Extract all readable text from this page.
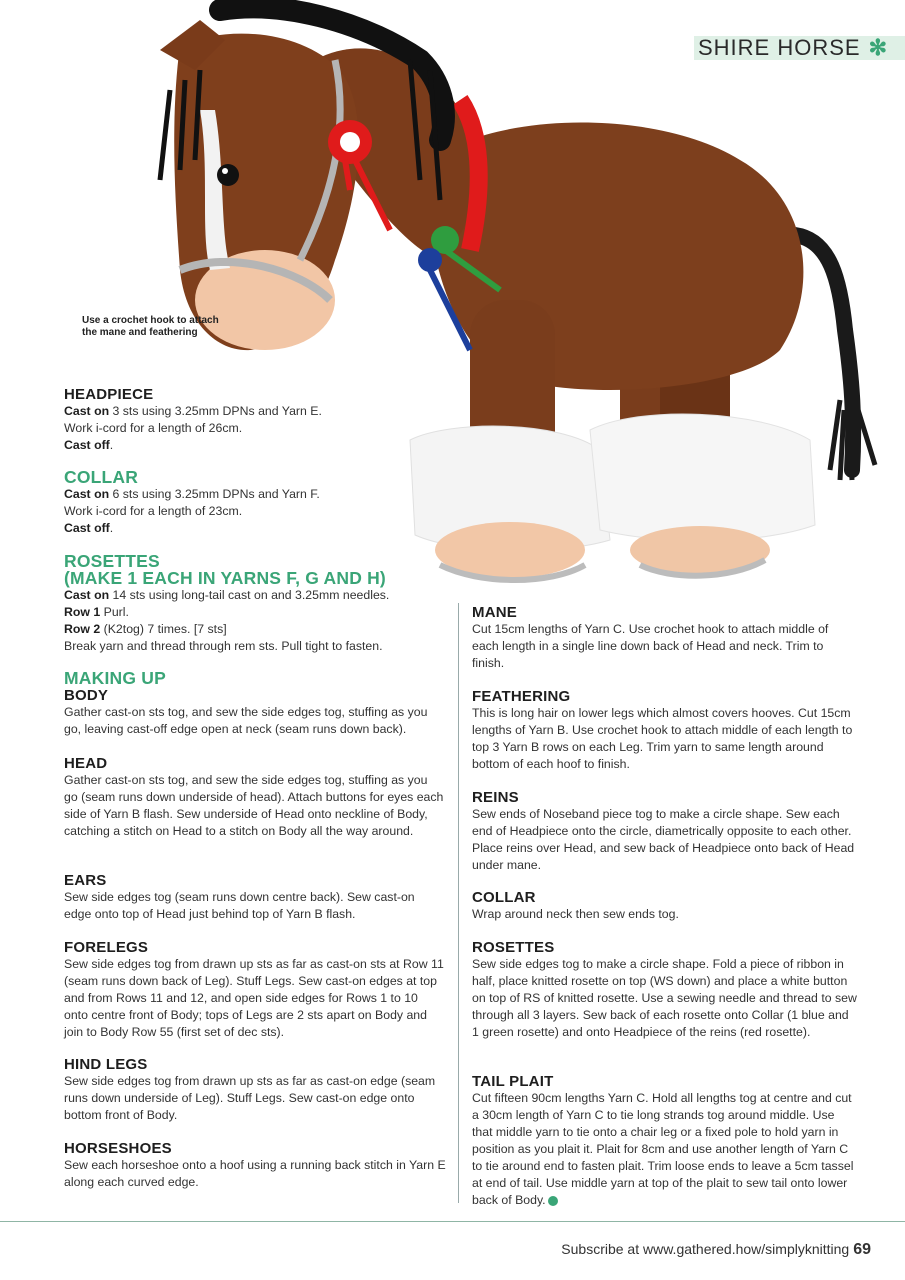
SHIRE HORSE ✻
Use a crochet hook to attach
the mane and feathering
HEADPIECE

Cast on 3 sts using 3.25mm DPNs and Yarn E.

Work i-cord for a length of 26cm.

Cast off.

COLLAR

Cast on 6 sts using 3.25mm DPNs and Yarn F.

Work i-cord for a length of 23cm.

Cast off.

ROSETTES
(MAKE 1 EACH IN YARNS F, G AND H)

Cast on 14 sts using long-tail cast on and 3.25mm needles.

Row 1 Purl.

Row 2 (K2tog) 7 times. [7 sts]

Break yarn and thread through rem sts. Pull tight to fasten.

MAKING UP
BODY

Gather cast-on sts tog, and sew the side edges tog, stuffing as you go, leaving cast-off edge open at neck (seam runs down back).

HEAD

Gather cast-on sts tog, and sew the side edges tog, stuffing as you go (seam runs down underside of head). Attach buttons for eyes each side of Yarn B flash. Sew underside of Head onto neckline of Body, catching a stitch on Head to a stitch on Body all the way around.

EARS

Sew side edges tog (seam runs down centre back). Sew cast-on edge onto top of Head just behind top of Yarn B flash.

FORELEGS

Sew side edges tog from drawn up sts as far as cast-on sts at Row 11 (seam runs down back of Leg). Stuff Legs. Sew cast-on edges at top and from Rows 11 and 12, and open side edges for Rows 1 to 10 onto centre front of Body; tops of Legs are 2 sts apart on Body and join to Body Row 55 (first set of dec sts).

HIND LEGS

Sew side edges tog from drawn up sts as far as cast-on edge (seam runs down underside of Leg). Stuff Legs. Sew cast-on edge onto bottom front of Body.

HORSESHOES

Sew each horseshoe onto a hoof using a running back stitch in Yarn E along each curved edge.

MANE

Cut 15cm lengths of Yarn C. Use crochet hook to attach middle of each length in a single line down back of Head and neck. Trim to finish.

FEATHERING

This is long hair on lower legs which almost covers hooves. Cut 15cm lengths of Yarn B. Use crochet hook to attach middle of each length to top 3 Yarn B rows on each Leg. Trim yarn to same length around bottom of each hoof to finish.

REINS

Sew ends of Noseband piece tog to make a circle shape. Sew each end of Headpiece onto the circle, diametrically opposite to each other. Place reins over Head, and sew back of Headpiece onto back of Head under mane.

COLLAR

Wrap around neck then sew ends tog.

ROSETTES

Sew side edges tog to make a circle shape. Fold a piece of ribbon in half, place knitted rosette on top (WS down) and place a white button on top of RS of knitted rosette. Use a sewing needle and thread to sew through all 3 layers. Sew back of each rosette onto Collar (1 blue and 1 green rosette) and onto Headpiece of the reins (red rosette).

TAIL PLAIT

Cut fifteen 90cm lengths Yarn C. Hold all lengths tog at centre and cut a 30cm length of Yarn C to tie long strands tog around middle. Use that middle yarn to tie onto a chair leg or a fixed pole to hold yarn in position as you plait it. Plait for 8cm and use another length of Yarn C to tie around end to fasten plait. Trim loose ends to leave a 5cm tassel at end of tail. Use middle yarn at top of the plait to sew tail onto lower back of Body.

Subscribe at www.gathered.how/simplyknitting 69
